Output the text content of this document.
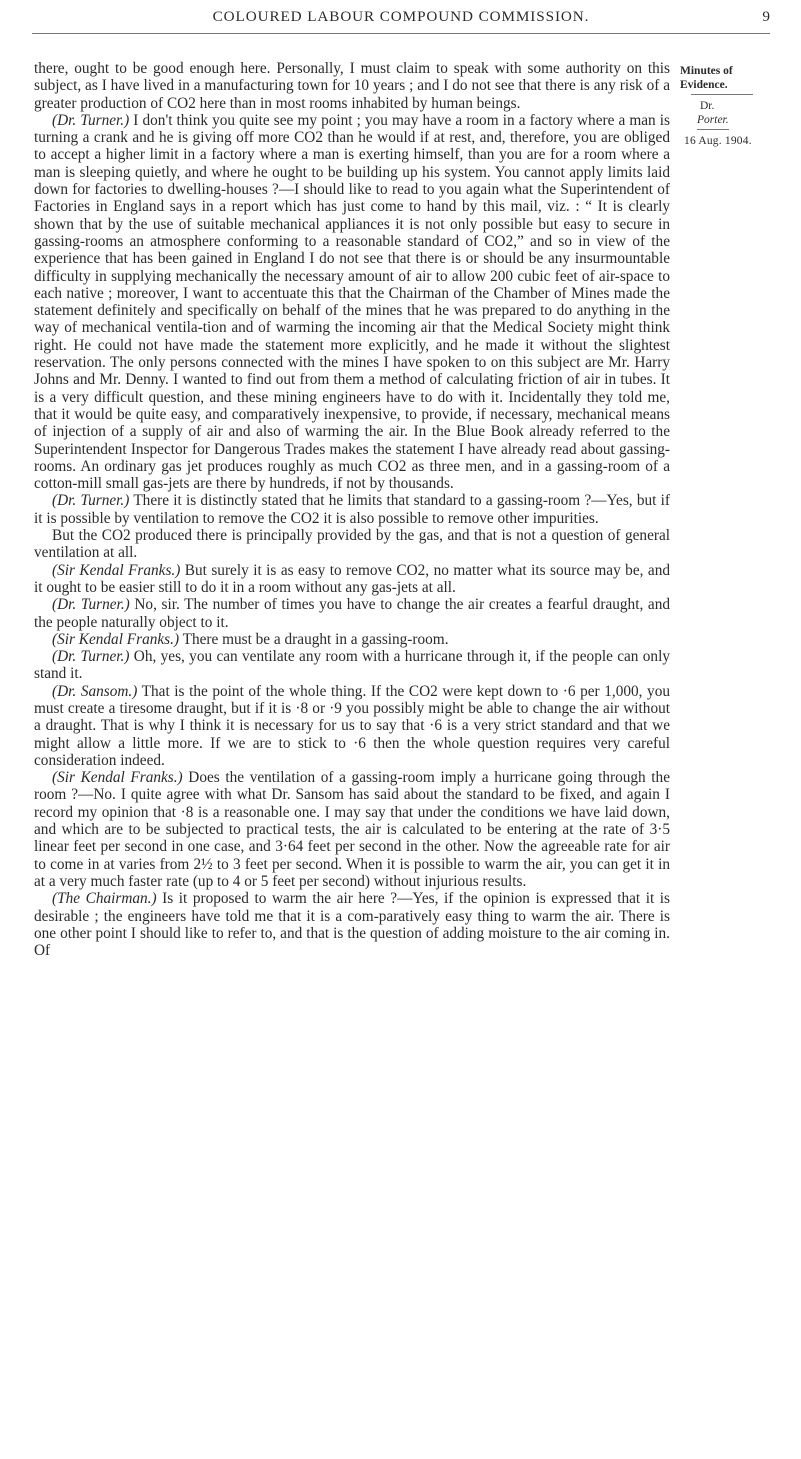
COLOURED LABOUR COMPOUND COMMISSION.	9
Minutes of
Evidence.
Dr.
Porter.
16 Aug. 1904.

there, ought to be good enough here. Personally, I must claim to speak with some authority on this subject, as I have lived in a manufacturing town for 10 years ; and I do not see that there is any risk of a greater production of CO2 here than in most rooms inhabited by human beings.

(Dr. Turner.) I don't think you quite see my point ; you may have a room in a factory where a man is turning a crank and he is giving off more CO2 than he would if at rest, and, therefore, you are obliged to accept a higher limit in a factory where a man is exerting himself, than you are for a room where a man is sleeping quietly, and where he ought to be building up his system. You cannot apply limits laid down for factories to dwelling-houses ?—I should like to read to you again what the Superintendent of Factories in England says in a report which has just come to hand by this mail, viz. : “ It is clearly shown that by the use of suitable mechanical appliances it is not only possible but easy to secure in gassing-rooms an atmosphere conforming to a reasonable standard of CO2,” and so in view of the experience that has been gained in England I do not see that there is or should be any insurmountable difficulty in supplying mechanically the necessary amount of air to allow 200 cubic feet of air-space to each native ; moreover, I want to accentuate this that the Chairman of the Chamber of Mines made the statement definitely and specifically on behalf of the mines that he was prepared to do anything in the way of mechanical ventila-tion and of warming the incoming air that the Medical Society might think right. He could not have made the statement more explicitly, and he made it without the slightest reservation. The only persons connected with the mines I have spoken to on this subject are Mr. Harry Johns and Mr. Denny. I wanted to find out from them a method of calculating friction of air in tubes. It is a very difficult question, and these mining engineers have to do with it. Incidentally they told me, that it would be quite easy, and comparatively inexpensive, to provide, if necessary, mechanical means of injection of a supply of air and also of warming the air. In the Blue Book already referred to the Superintendent Inspector for Dangerous Trades makes the statement I have already read about gassing-rooms. An ordinary gas jet produces roughly as much CO2 as three men, and in a gassing-room of a cotton-mill small gas-jets are there by hundreds, if not by thousands.

(Dr. Turner.) There it is distinctly stated that he limits that standard to a gassing-room ?—Yes, but if it is possible by ventilation to remove the CO2 it is also possible to remove other impurities.

But the CO2 produced there is principally provided by the gas, and that is not a question of general ventilation at all.

(Sir Kendal Franks.) But surely it is as easy to remove CO2, no matter what its source may be, and it ought to be easier still to do it in a room without any gas-jets at all.

(Dr. Turner.) No, sir. The number of times you have to change the air creates a fearful draught, and the people naturally object to it.

(Sir Kendal Franks.) There must be a draught in a gassing-room.

(Dr. Turner.) Oh, yes, you can ventilate any room with a hurricane through it, if the people can only stand it.

(Dr. Sansom.) That is the point of the whole thing. If the CO2 were kept down to ·6 per 1,000, you must create a tiresome draught, but if it is ·8 or ·9 you possibly might be able to change the air without a draught. That is why I think it is necessary for us to say that ·6 is a very strict standard and that we might allow a little more. If we are to stick to ·6 then the whole question requires very careful consideration indeed.

(Sir Kendal Franks.) Does the ventilation of a gassing-room imply a hurricane going through the room ?—No. I quite agree with what Dr. Sansom has said about the standard to be fixed, and again I record my opinion that ·8 is a reasonable one. I may say that under the conditions we have laid down, and which are to be subjected to practical tests, the air is calculated to be entering at the rate of 3·5 linear feet per second in one case, and 3·64 feet per second in the other. Now the agreeable rate for air to come in at varies from 2½ to 3 feet per second. When it is possible to warm the air, you can get it in at a very much faster rate (up to 4 or 5 feet per second) without injurious results.

(The Chairman.) Is it proposed to warm the air here ?—Yes, if the opinion is expressed that it is desirable ; the engineers have told me that it is a com-paratively easy thing to warm the air. There is one other point I should like to refer to, and that is the question of adding moisture to the air coming in. Of
